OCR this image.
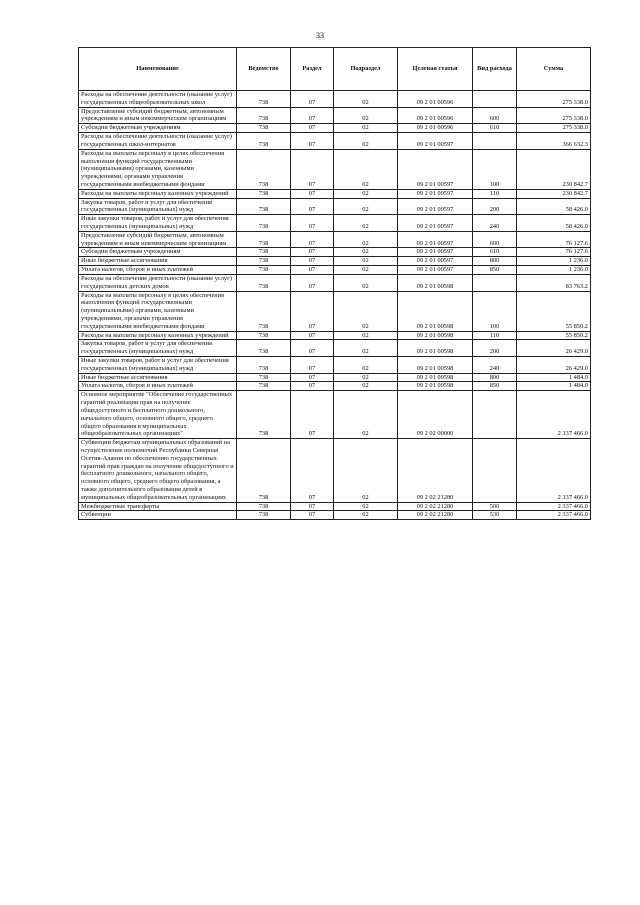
33
Наименование	Ведомство	Раздел	Подраздел	Целевая статья	Вид расхода	Сумма
Расходы на обеспечение деятельности (оказание услуг) государственных общеобразовательных школ	738	07	02	09 2 01 00596		275 338.0
Предоставление субсидий бюджетным, автономным учреждениям и иным некоммерческим организациям	738	07	02	09 2 01 00596	600	275 338.0
Субсидии бюджетным учреждениям	738	07	02	09 2 01 00596	610	275 338.0
Расходы на обеспечение деятельности (оказание услуг) государственных школ-интернатов	738	07	02	09 2 01 00597		366 632.3
Расходы на выплаты персоналу в целях обеспечения выполнения функций государственными (муниципальными) органами, казенными учреждениями, органами управления государственными внебюджетными фондами	738	07	02	09 2 01 00597	100	230 842.7
Расходы на выплаты персоналу казенных учреждений	738	07	02	09 2 01 00597	110	230 842.7
Закупка товаров, работ и услуг для обеспечения государственных (муниципальных) нужд	738	07	02	09 2 01 00597	200	58 426.0
Иные закупки товаров, работ и услуг для обеспечения государственных (муниципальных) нужд	738	07	02	09 2 01 00597	240	58 426.0
Предоставление субсидий бюджетным, автономным учреждениям и иным некоммерческим организациям	738	07	02	09 2 01 00597	600	76 127.6
Субсидии бюджетным учреждениям	738	07	02	09 2 01 00597	610	76 127.6
Иные бюджетные ассигнования	738	07	02	09 2 01 00597	800	1 236.0
Уплата налогов, сборов и иных платежей	738	07	02	09 2 01 00597	850	1 236.0
Расходы на обеспечение деятельности (оказание услуг) государственных детских домов	738	07	02	09 2 01 00598		83 763.2
Расходы на выплаты персоналу в целях обеспечения выполнения функций государственными (муниципальными) органами, казенными учреждениями, органами управления государственными внебюджетными фондами	738	07	02	09 2 01 00598	100	55 850.2
Расходы на выплаты персоналу казенных учреждений	738	07	02	09 2 01 00598	110	55 850.2
Закупка товаров, работ и услуг для обеспечения государственных (муниципальных) нужд	738	07	02	09 2 01 00598	200	26 429.0
Иные закупки товаров, работ и услуг для обеспечения государственных (муниципальных) нужд	738	07	02	09 2 01 00598	240	26 429.0
Иные бюджетные ассигнования	738	07	02	09 2 01 00598	800	1 484.0
Уплата налогов, сборов и иных платежей	738	07	02	09 2 01 00598	850	1 484.0
Основное мероприятие "Обеспечение государственных гарантий реализации прав на получение общедоступного и бесплатного дошкольного, начального общего, основного общего, среднего общего образования в муниципальных общеобразовательных организациях"	738	07	02	09 2 02 00000		2 337 466.0
Субвенции бюджетам муниципальных образований на осуществление полномочий Республики Северная Осетия-Алания по обеспечению государственных гарантий прав граждан на получение общедоступного и бесплатного дошкольного, начального общего, основного общего, среднего общего образования, а также дополнительного образования детей в муниципальных общеобразовательных организациях	738	07	02	09 2 02 21280		2 337 466.0
Межбюджетные трансферты	738	07	02	09 2 02 21280	500	2 337 466.0
Субвенции	738	07	02	09 2 02 21280	530	2 337 466.0
